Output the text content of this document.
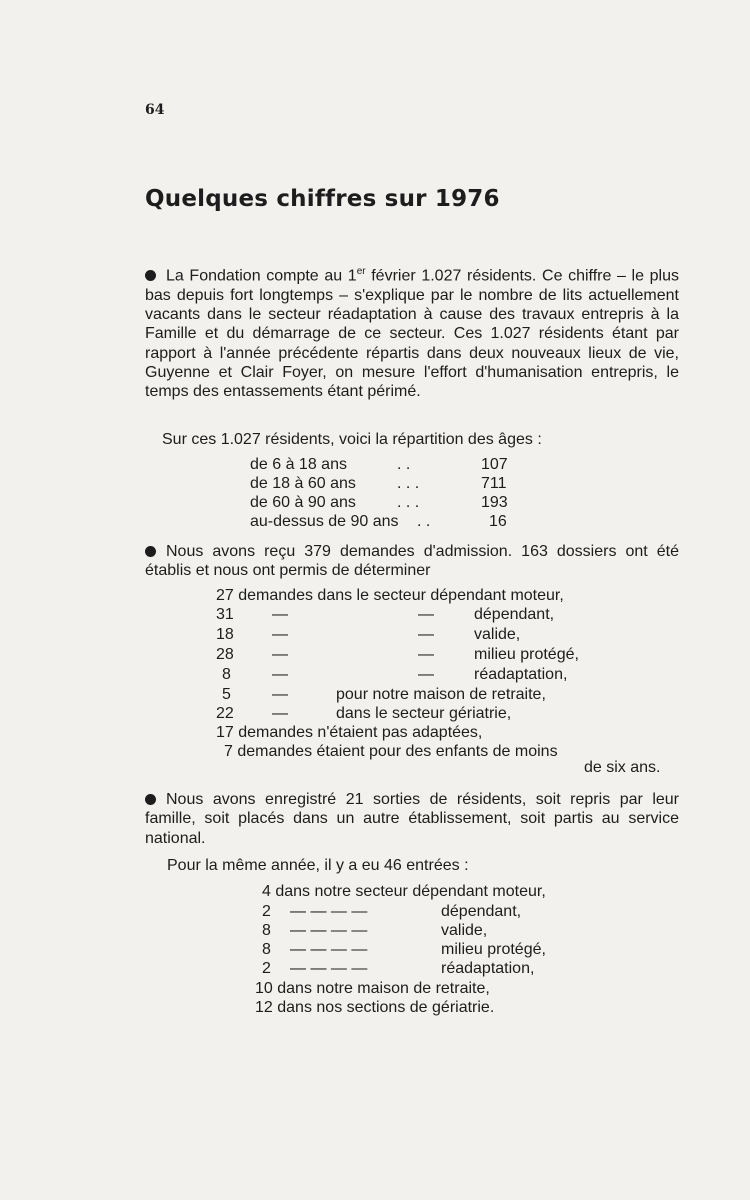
64
Quelques chiffres sur 1976

La Fondation compte au 1er février 1.027 résidents. Ce chiffre – le plus bas depuis fort longtemps – s'explique par le nombre de lits actuellement vacants dans le secteur réadaptation à cause des travaux entrepris à la Famille et du démarrage de ce secteur. Ces 1.027 résidents étant par rapport à l'année précédente répartis dans deux nouveaux lieux de vie, Guyenne et Clair Foyer, on mesure l'effort d'humanisation entrepris, le temps des entassements étant périmé.

Sur ces 1.027 résidents, voici la répartition des âges :
de 6 à 18 ans	. .	107
de 18 à 60 ans	. . .	711
de 60 à 90 ans	. . .	193
au-dessus de 90 ans . .	16

Nous avons reçu 379 demandes d'admission. 163 dossiers ont été établis et nous ont permis de déterminer

27 demandes dans le secteur dépendant moteur,
31 —	—	dépendant,
18 —	—	valide,
28 —	—	milieu protégé,
8	—	—	réadaptation,
5	—	pour notre maison de retraite,
22 —	dans le secteur gériatrie,
17 demandes n'étaient pas adaptées,
7 demandes étaient pour des enfants de moins
de six ans.

Nous avons enregistré 21 sorties de résidents, soit repris par leur famille, soit placés dans un autre établissement, soit partis au service national.

Pour la même année, il y a eu 46 entrées :
4 dans notre secteur dépendant moteur,
2 — — — —	dépendant,
8 — — — —	valide,
8 — — — —	milieu protégé,
2 — — — —	réadaptation,
10 dans notre maison de retraite,
12 dans nos sections de gériatrie.
